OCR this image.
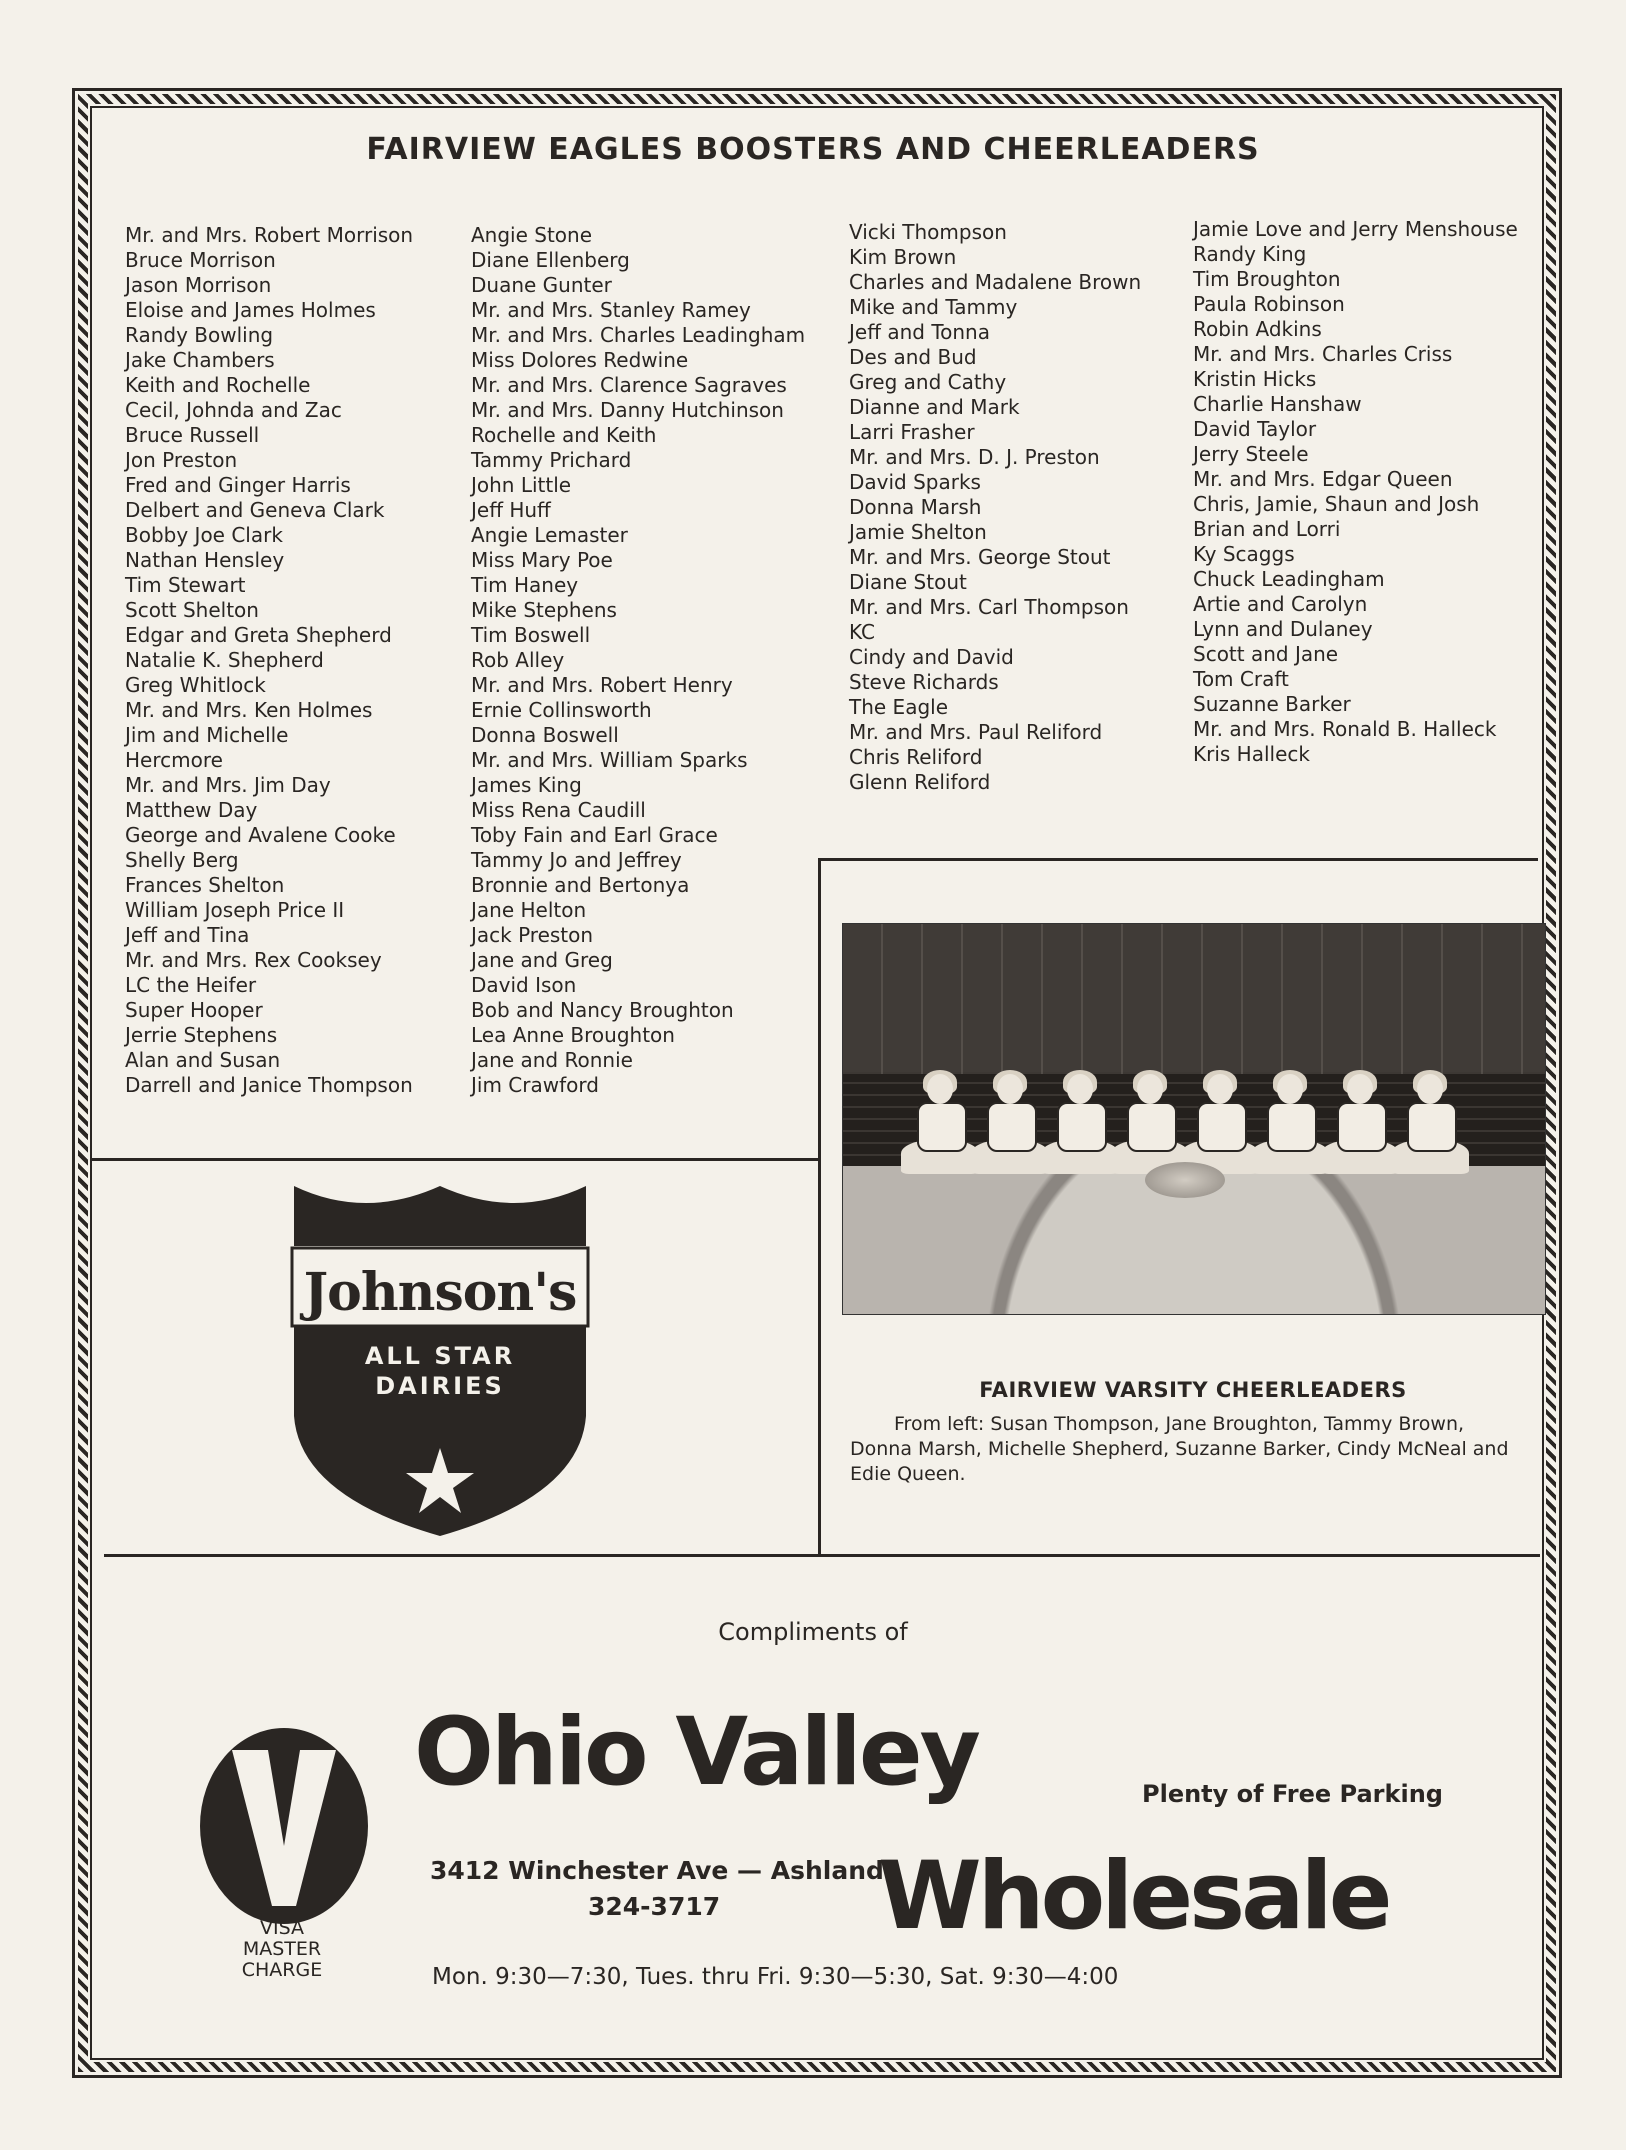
FAIRVIEW EAGLES BOOSTERS AND CHEERLEADERS
Mr. and Mrs. Robert Morrison
Bruce Morrison
Jason Morrison
Eloise and James Holmes
Randy Bowling
Jake Chambers
Keith and Rochelle
Cecil, Johnda and Zac
Bruce Russell
Jon Preston
Fred and Ginger Harris
Delbert and Geneva Clark
Bobby Joe Clark
Nathan Hensley
Tim Stewart
Scott Shelton
Edgar and Greta Shepherd
Natalie K. Shepherd
Greg Whitlock
Mr. and Mrs. Ken Holmes
Jim and Michelle
Hercmore
Mr. and Mrs. Jim Day
Matthew Day
George and Avalene Cooke
Shelly Berg
Frances Shelton
William Joseph Price II
Jeff and Tina
Mr. and Mrs. Rex Cooksey
LC the Heifer
Super Hooper
Jerrie Stephens
Alan and Susan
Darrell and Janice Thompson
Angie Stone
Diane Ellenberg
Duane Gunter
Mr. and Mrs. Stanley Ramey
Mr. and Mrs. Charles Leadingham
Miss Dolores Redwine
Mr. and Mrs. Clarence Sagraves
Mr. and Mrs. Danny Hutchinson
Rochelle and Keith
Tammy Prichard
John Little
Jeff Huff
Angie Lemaster
Miss Mary Poe
Tim Haney
Mike Stephens
Tim Boswell
Rob Alley
Mr. and Mrs. Robert Henry
Ernie Collinsworth
Donna Boswell
Mr. and Mrs. William Sparks
James King
Miss Rena Caudill
Toby Fain and Earl Grace
Tammy Jo and Jeffrey
Bronnie and Bertonya
Jane Helton
Jack Preston
Jane and Greg
David Ison
Bob and Nancy Broughton
Lea Anne Broughton
Jane and Ronnie
Jim Crawford
Vicki Thompson
Kim Brown
Charles and Madalene Brown
Mike and Tammy
Jeff and Tonna
Des and Bud
Greg and Cathy
Dianne and Mark
Larri Frasher
Mr. and Mrs. D. J. Preston
David Sparks
Donna Marsh
Jamie Shelton
Mr. and Mrs. George Stout
Diane Stout
Mr. and Mrs. Carl Thompson
KC
Cindy and David
Steve Richards
The Eagle
Mr. and Mrs. Paul Reliford
Chris Reliford
Glenn Reliford
Jamie Love and Jerry Menshouse
Randy King
Tim Broughton
Paula Robinson
Robin Adkins
Mr. and Mrs. Charles Criss
Kristin Hicks
Charlie Hanshaw
David Taylor
Jerry Steele
Mr. and Mrs. Edgar Queen
Chris, Jamie, Shaun and Josh
Brian and Lorri
Ky Scaggs
Chuck Leadingham
Artie and Carolyn
Lynn and Dulaney
Scott and Jane
Tom Craft
Suzanne Barker
Mr. and Mrs. Ronald B. Halleck
Kris Halleck
FAIRVIEW VARSITY CHEERLEADERS
From left: Susan Thompson, Jane Broughton, Tammy Brown, Donna Marsh, Michelle Shepherd, Suzanne Barker, Cindy McNeal and Edie Queen.
Johnson's
ALL STAR
DAIRIES
Compliments of
VISA
MASTER
CHARGE
Ohio Valley	Plenty of Free Parking
3412 Winchester Ave — Ashland
324-3717 Wholesale
Mon. 9:30—7:30, Tues. thru Fri. 9:30—5:30, Sat. 9:30—4:00
